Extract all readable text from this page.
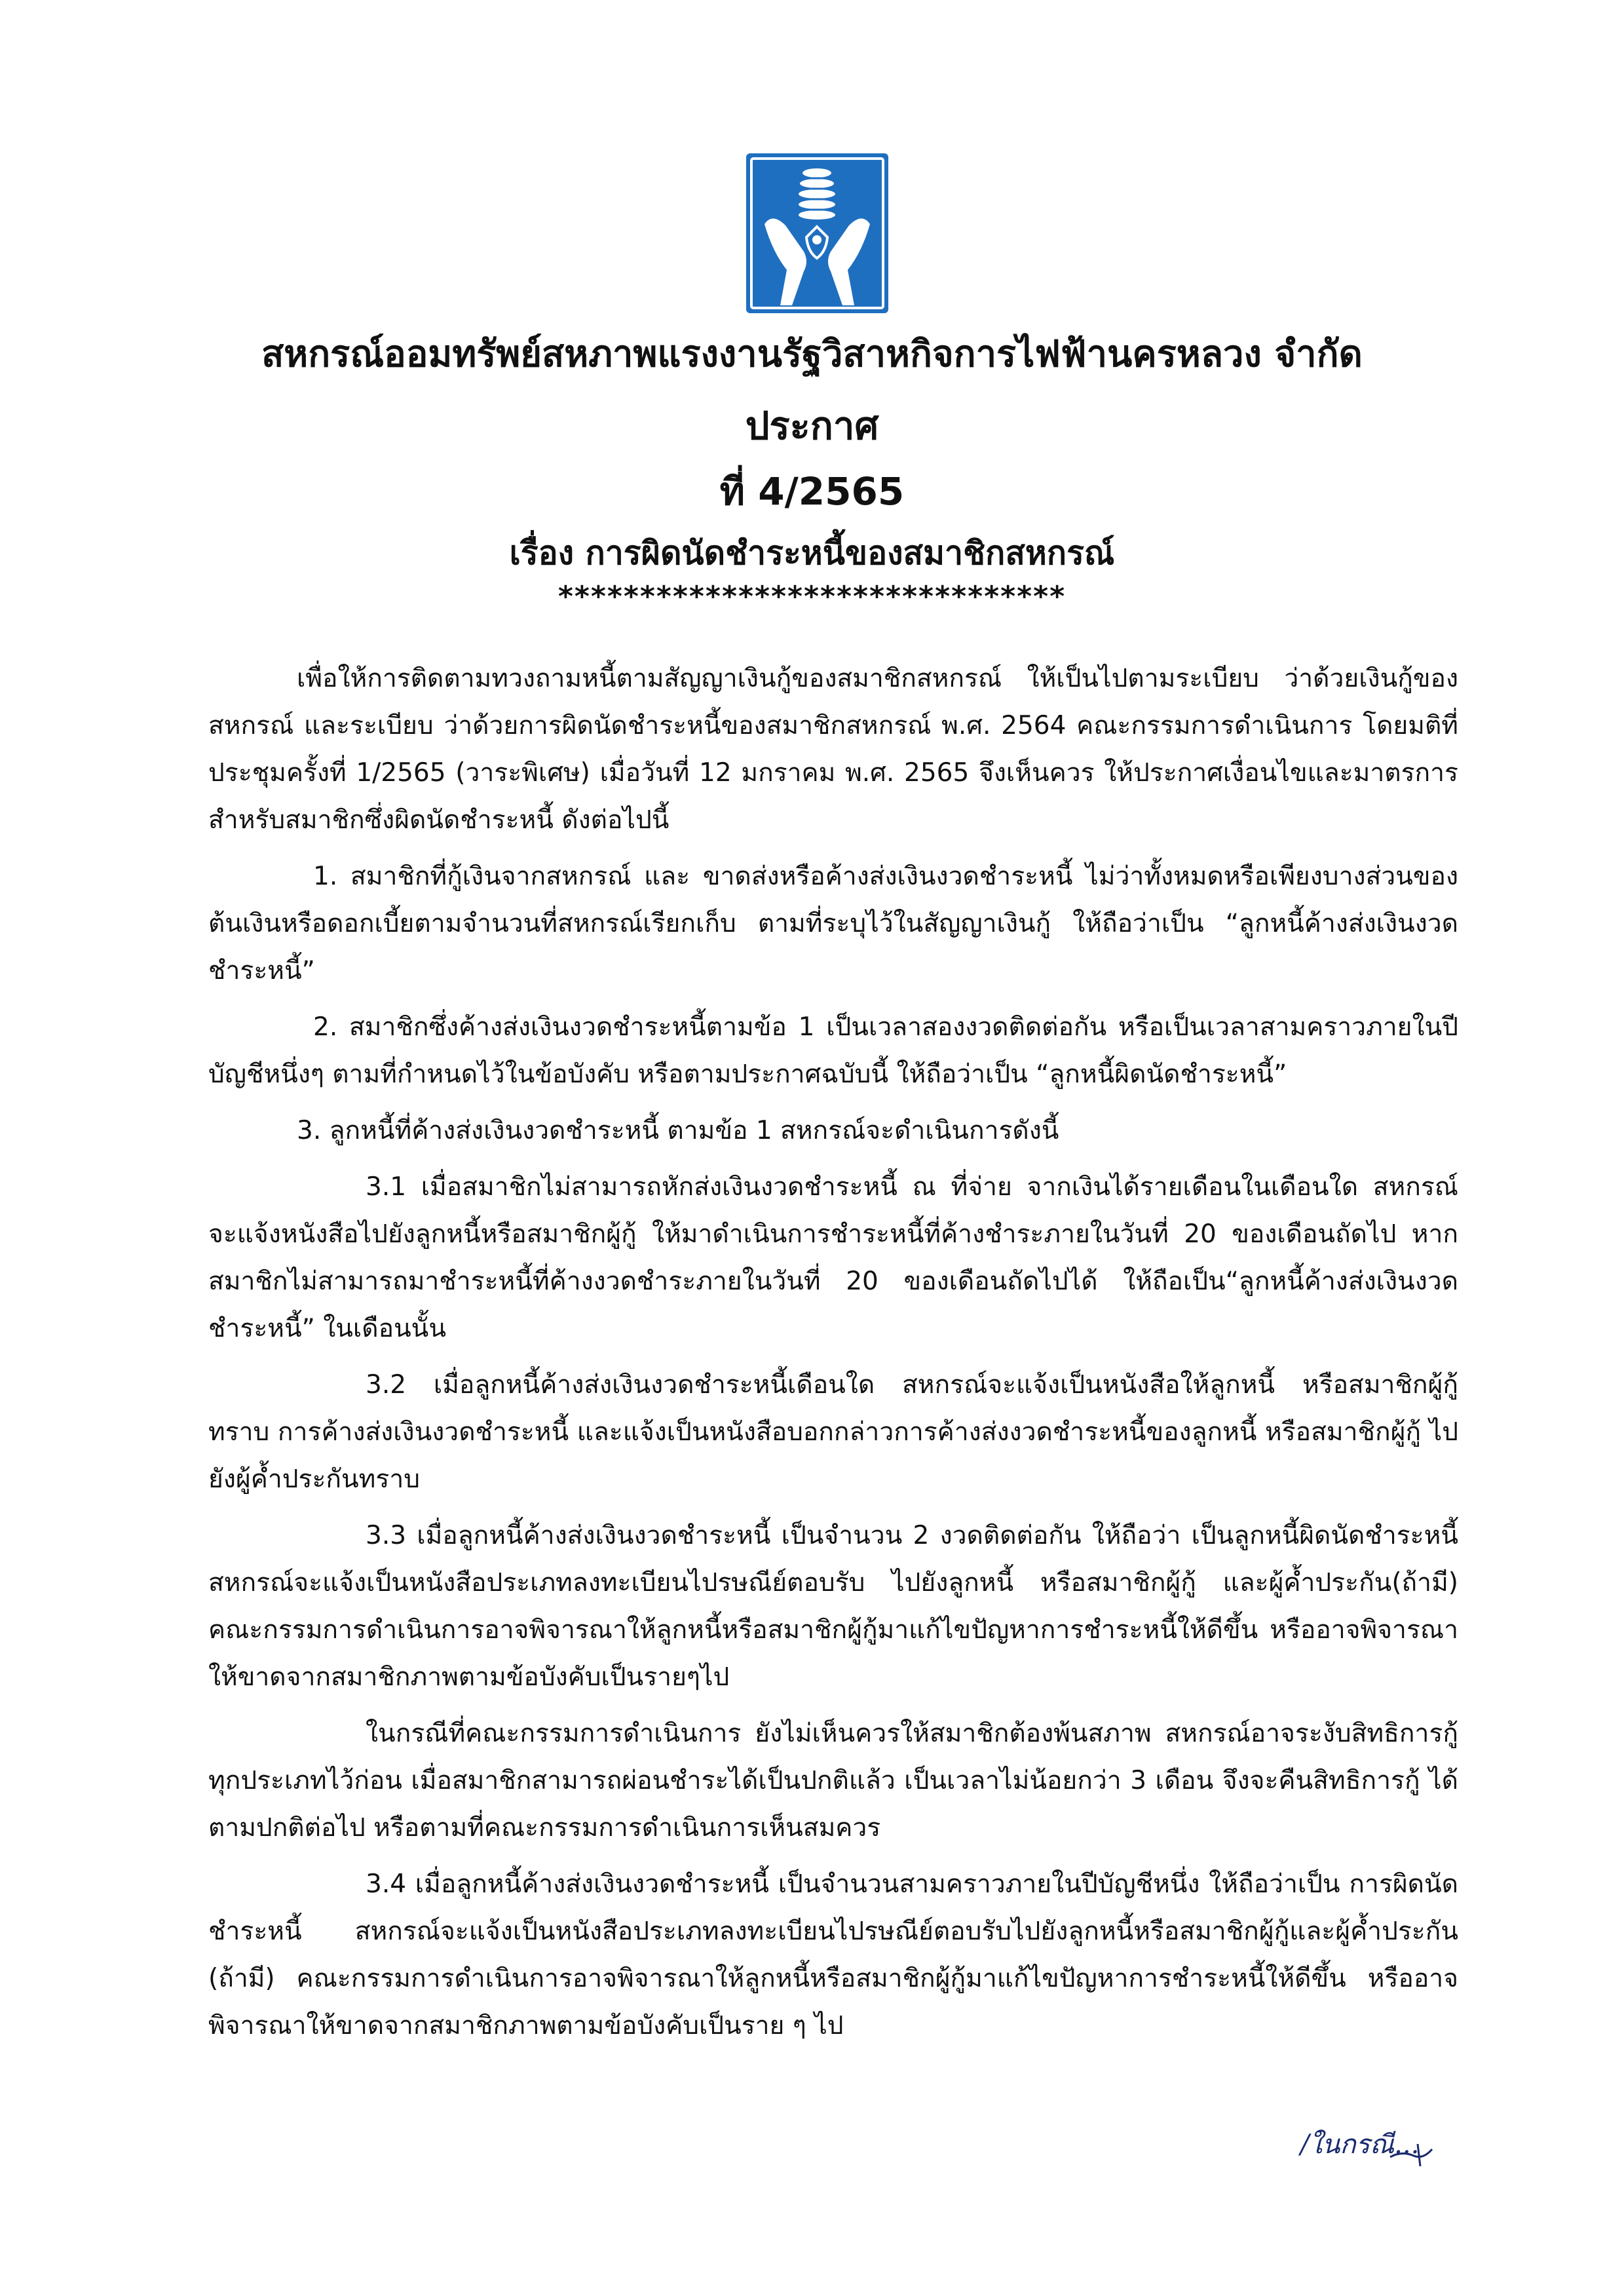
สหกรณ์ออมทรัพย์สหภาพแรงงานรัฐวิสาหกิจการไฟฟ้านครหลวง จำกัด
ประกาศ
ที่ 4/2565
เรื่อง การผิดนัดชำระหนี้ของสมาชิกสหกรณ์
*******************************

เพื่อให้การติดตามทวงถามหนี้ตามสัญญาเงินกู้ของสมาชิกสหกรณ์ ให้เป็นไปตามระเบียบ ว่าด้วยเงินกู้ของสหกรณ์ และระเบียบ ว่าด้วยการผิดนัดชำระหนี้ของสมาชิกสหกรณ์ พ.ศ. 2564 คณะกรรมการดำเนินการ โดยมติที่ประชุมครั้งที่ 1/2565 (วาระพิเศษ) เมื่อวันที่ 12 มกราคม พ.ศ. 2565 จึงเห็นควร ให้ประกาศเงื่อนไขและมาตรการสำหรับสมาชิกซึ่งผิดนัดชำระหนี้ ดังต่อไปนี้

1. สมาชิกที่กู้เงินจากสหกรณ์ และ ขาดส่งหรือค้างส่งเงินงวดชำระหนี้ ไม่ว่าทั้งหมดหรือเพียงบางส่วนของต้นเงินหรือดอกเบี้ยตามจำนวนที่สหกรณ์เรียกเก็บ ตามที่ระบุไว้ในสัญญาเงินกู้ ให้ถือว่าเป็น “ลูกหนี้ค้างส่งเงินงวดชำระหนี้”

2. สมาชิกซึ่งค้างส่งเงินงวดชำระหนี้ตามข้อ 1 เป็นเวลาสองงวดติดต่อกัน หรือเป็นเวลาสามคราวภายในปีบัญชีหนึ่งๆ ตามที่กำหนดไว้ในข้อบังคับ หรือตามประกาศฉบับนี้ ให้ถือว่าเป็น “ลูกหนี้ผิดนัดชำระหนี้”

3. ลูกหนี้ที่ค้างส่งเงินงวดชำระหนี้ ตามข้อ 1 สหกรณ์จะดำเนินการดังนี้

3.1 เมื่อสมาชิกไม่สามารถหักส่งเงินงวดชำระหนี้ ณ ที่จ่าย จากเงินได้รายเดือนในเดือนใด สหกรณ์จะแจ้งหนังสือไปยังลูกหนี้หรือสมาชิกผู้กู้ ให้มาดำเนินการชำระหนี้ที่ค้างชำระภายในวันที่ 20 ของเดือนถัดไป หากสมาชิกไม่สามารถมาชำระหนี้ที่ค้างงวดชำระภายในวันที่ 20 ของเดือนถัดไปได้ ให้ถือเป็น“ลูกหนี้ค้างส่งเงินงวดชำระหนี้” ในเดือนนั้น

3.2 เมื่อลูกหนี้ค้างส่งเงินงวดชำระหนี้เดือนใด สหกรณ์จะแจ้งเป็นหนังสือให้ลูกหนี้ หรือสมาชิกผู้กู้ทราบ การค้างส่งเงินงวดชำระหนี้ และแจ้งเป็นหนังสือบอกกล่าวการค้างส่งงวดชำระหนี้ของลูกหนี้ หรือสมาชิกผู้กู้ ไปยังผู้ค้ำประกันทราบ

3.3 เมื่อลูกหนี้ค้างส่งเงินงวดชำระหนี้ เป็นจำนวน 2 งวดติดต่อกัน ให้ถือว่า เป็นลูกหนี้ผิดนัดชำระหนี้ สหกรณ์จะแจ้งเป็นหนังสือประเภทลงทะเบียนไปรษณีย์ตอบรับ ไปยังลูกหนี้ หรือสมาชิกผู้กู้ และผู้ค้ำประกัน(ถ้ามี) คณะกรรมการดำเนินการอาจพิจารณาให้ลูกหนี้หรือสมาชิกผู้กู้มาแก้ไขปัญหาการชำระหนี้ให้ดีขึ้น หรืออาจพิจารณาให้ขาดจากสมาชิกภาพตามข้อบังคับเป็นรายๆไป

ในกรณีที่คณะกรรมการดำเนินการ ยังไม่เห็นควรให้สมาชิกต้องพ้นสภาพ สหกรณ์อาจระงับสิทธิการกู้ ทุกประเภทไว้ก่อน เมื่อสมาชิกสามารถผ่อนชำระได้เป็นปกติแล้ว เป็นเวลาไม่น้อยกว่า 3 เดือน จึงจะคืนสิทธิการกู้ ได้ตามปกติต่อไป หรือตามที่คณะกรรมการดำเนินการเห็นสมควร

3.4 เมื่อลูกหนี้ค้างส่งเงินงวดชำระหนี้ เป็นจำนวนสามคราวภายในปีบัญชีหนึ่ง ให้ถือว่าเป็น การผิดนัดชำระหนี้ สหกรณ์จะแจ้งเป็นหนังสือประเภทลงทะเบียนไปรษณีย์ตอบรับไปยังลูกหนี้หรือสมาชิกผู้กู้และผู้ค้ำประกัน (ถ้ามี) คณะกรรมการดำเนินการอาจพิจารณาให้ลูกหนี้หรือสมาชิกผู้กู้มาแก้ไขปัญหาการชำระหนี้ให้ดีขึ้น หรืออาจพิจารณาให้ขาดจากสมาชิกภาพตามข้อบังคับเป็นราย ๆ ไป

/ในกรณี...
